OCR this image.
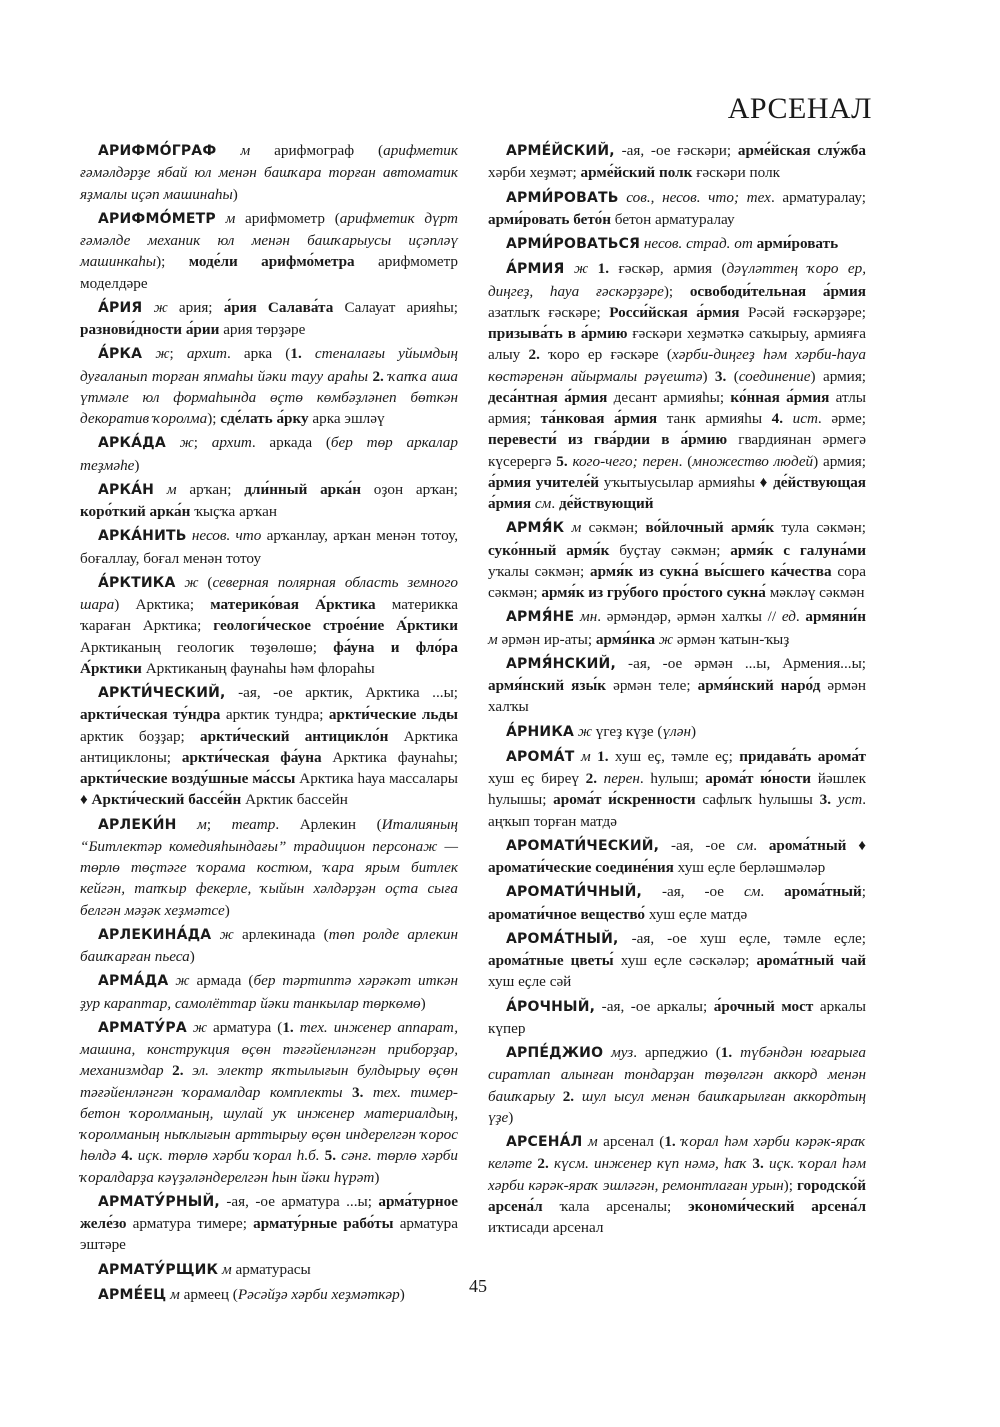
АРСЕНАЛ

АРИФМО́ГРАФ м арифмограф (арифметик ғәмәлдәрҙе ябай юл менән башҡара торған автоматик яҙмалы иҫәп машинаһы)

АРИФМО́МЕТР м арифмометр (арифметик дүрт ғәмәлде механик юл менән башҡарыусы иҫәпләү машинкаһы); моде́ли арифмо́метра арифмометр моделдәре

А́РИЯ ж ария; а́рия Салава́та Салауат арияһы; разнови́дности а́рии ария төрҙәре

А́РКА ж; архит. арка (1. стеналағы уйымдың дуғаланып торған япмаһы йәки тауу араһы 2. ҡапҡа аша үтмәле юл формаһында өҫтө көмбәҙләнеп бөткән декоратив ҡоролма); сде́лать а́рку арка эшләү

АРКА́ДА ж; архит. аркада (бер төр аркалар теҙмәһе)

АРКА́Н м арҡан; дли́нный арка́н оҙон арҡан; коро́ткий арка́н ҡыҫҡа арҡан

АРКА́НИТЬ несов. что арҡанлау, арҡан менән тотоу, боғаллау, боғал менән тотоу

А́РКТИКА ж (северная полярная область земного шара) Арктика; материко́вая А́рктика материкка ҡараған Арктика; геологи́ческое строе́ние А́рктики Арктиканың геологик төҙөлөшө; фа́уна и фло́ра А́рктики Арктиканың фаунаһы һәм флораһы

АРКТИ́ЧЕСКИЙ, -ая, -ое арктик, Арктика ...ы; аркти́ческая ту́ндра арктик тундра; аркти́ческие льды арктик боҙҙар; аркти́ческий антицикло́н Арктика антициклоны; аркти́ческая фа́уна Арктика фаунаһы; аркти́ческие возду́шные ма́ссы Арктика һауа массалары ♦ Аркти́ческий бассе́йн Арктик бассейн

АРЛЕКИ́Н м; театр. Арлекин (Италияның “Битлектәр комедияһындағы” традицион персонаж — төрлө төҫтәге ҡорама костюм, ҡара ярым битлек кейгән, тапҡыр фекерле, ҡыйын хәлдәрҙән оҫта сыға белгән мәҙәк хеҙмәтсе)

АРЛЕКИНА́ДА ж арлекинада (төп ролде арлекин башҡарған пьеса)

АРМА́ДА ж армада (бер тәртиптә хәрәкәт иткән ҙур караптар, самолёттар йәки танкылар төркөмө)

АРМАТУ́РА ж арматура (1. тех. инженер аппарат, машина, конструкция өҫөн тәғәйенләнгән приборҙар, механизмдар 2. эл. электр яҡтылығын булдырыу өҫөн тәғәйенләнгән ҡорамалдар комплекты 3. тех. тимер-бетон ҡоролманың, шулай уҡ инженер материалдың, ҡоролманың ныҡлығын арттырыу өҫөн индерелгән ҡорос һөлдә 4. иҫк. төрлө хәрби ҡорал һ.б. 5. сәнғ. төрлө хәрби ҡоралдарҙа кәүҙәләндерелгән һын йәки һүрәт)

АРМАТУ́РНЫЙ, -ая, -ое арматура ...ы; арма́турное желе́зо арматура тимере; армату́рные рабо́ты арматура эштәре

АРМАТУ́РЩИК м арматурасы

АРМЕ́ЕЦ м армеец (Рәсәйҙә хәрби хеҙмәткәр)

АРМЕ́ЙСКИЙ, -ая, -ое ғәскәри; арме́йская слу́жба хәрби хеҙмәт; арме́йский полк ғәскәри полк

АРМИ́РОВАТЬ сов., несов. что; тех. арматуралау; арми́ровать бето́н бетон арматуралау

АРМИ́РОВАТЬСЯ несов. страд. от арми́ровать

А́РМИЯ ж 1. ғәскәр, армия (дәүләттең ҡоро ер, диңгеҙ, һауа ғәскәрҙәре); освободи́тельная а́рмия азатлыҡ ғәскәре; Росси́йская а́рмия Рәсәй ғәскәрҙәре; призыва́ть в а́рмию ғәскәри хеҙмәткә саҡырыу, армияға алыу 2. ҡоро ер ғәскәре (хәрби-диңгеҙ һәм хәрби-һауа көстәренән айырмалы рәүештә) 3. (соединение) армия; деса́нтная а́рмия десант армияһы; ко́нная а́рмия атлы армия; та́нковая а́рмия танк армияһы 4. ист. әрме; перевести́ из гва́рдии в а́рмию гвардиянан әрмегә күсерергә 5. кого-чего; перен. (множество людей) армия; а́рмия учителе́й уҡытыусылар армияһы ♦ де́йствующая а́рмия см. де́йствующий

АРМЯ́К м сәкмән; во́йлочный армя́к тула сәкмән; суко́нный армя́к буҫтау сәкмән; армя́к с галуна́ми уҡалы сәкмән; армя́к из сукна́ вы́сшего ка́чества сора сәкмән; армя́к из гру́бого про́стого сукна́ мәкләү сәкмән

АРМЯ́НЕ мн. әрмәндәр, әрмән халҡы // ед. армяни́н м әрмән ир-аты; армя́нка ж әрмән ҡатын-ҡыҙ

АРМЯ́НСКИЙ, -ая, -ое әрмән ...ы, Армения...ы; армя́нский язы́к әрмән теле; армя́нский наро́д әрмән халҡы

А́РНИКА ж үгеҙ күҙе (үлән)

АРОМА́Т м 1. хуш еҫ, тәмле еҫ; придава́ть арома́т хуш еҫ биреү 2. перен. һулыш; арома́т ю́ности йәшлек һулышы; арома́т и́скренности сафлыҡ һулышы 3. уст. аңҡып торған матдә

АРОМАТИ́ЧЕСКИЙ, -ая, -ое см. арома́тный ♦ аромати́ческие соедине́ния хуш еҫле берләшмәләр

АРОМАТИ́ЧНЫЙ, -ая, -ое см. арома́тный; аромати́чное вещество́ хуш еҫле матдә

АРОМА́ТНЫЙ, -ая, -ое хуш еҫле, тәмле еҫле; арома́тные цветы́ хуш еҫле сәскәләр; арома́тный чай хуш еҫле сәй

А́РОЧНЫЙ, -ая, -ое аркалы; а́рочный мост аркалы күпер

АРПЕ́ДЖИО муз. арпеджио (1. түбәндән юғарыға сиратлап алынған тондарҙан төҙөлгән аккорд менән башҡарыу 2. шул ысул менән башҡарылған аккордтың үҙе)

АРСЕНА́Л м арсенал (1. ҡорал һәм хәрби кәрәк-яраҡ келәте 2. күсм. инженер күп нәмә, һаҡ 3. иҫк. ҡорал һәм хәрби кәрәк-яраҡ эшләгән, ремонтлаған урын); городско́й арсена́л ҡала арсеналы; экономи́ческий арсена́л иҡтисади арсенал

45
